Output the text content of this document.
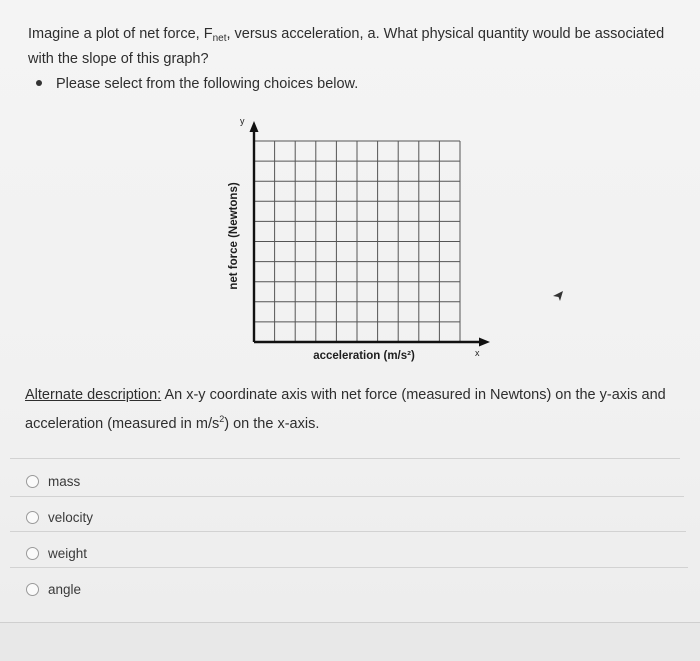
Imagine a plot of net force, $F_{net}$, versus acceleration, a. What physical quantity would be associated with the slope of this graph?
Please select from the following choices below.
y
x
net force (Newtons)
acceleration (m/s²)
Alternate description: An x-y coordinate axis with net force (measured in Newtons) on the y-axis and acceleration (measured in $m/s^2$) on the x-axis.
mass
velocity
weight
angle
